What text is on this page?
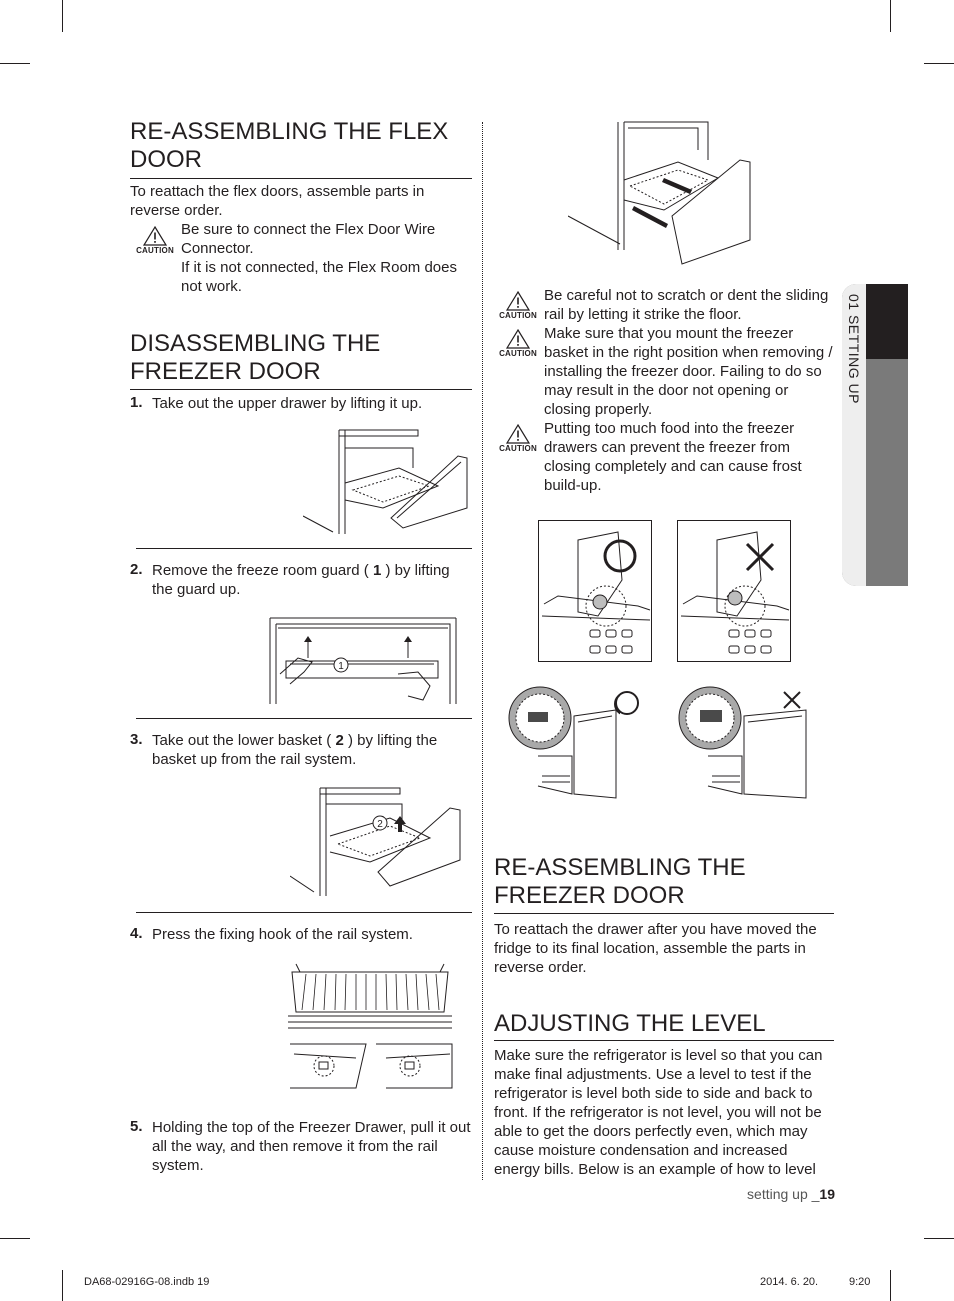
01 SETTING UP
RE-ASSEMBLING THE FLEX DOOR

To reattach the flex doors, assemble parts in reverse order.

CAUTION

Be sure to connect the Flex Door Wire

Connector.

If it is not connected, the Flex Room does

not work.

DISASSEMBLING THE FREEZER DOOR
1. Take out the upper drawer by lifting it up.

2. Remove the freeze room guard ( 1 ) by lifting the guard up.

1
3. Take out the lower basket ( 2 ) by lifting the basket up from the rail system.

2
4. Press the fixing hook of the rail system.

5. Holding the top of the Freezer Drawer, pull it out all the way, and then remove it from the rail system.

CAUTION

Be careful not to scratch or dent the sliding rail by letting it strike the floor.

CAUTION

Make sure that you mount the freezer basket in the right position when removing / installing the freezer door. Failing to do so may result in the door not opening or closing properly.

CAUTION

Putting too much food into the freezer drawers can prevent the freezer from closing completely and can cause frost build-up.

RE-ASSEMBLING THE FREEZER DOOR

To reattach the drawer after you have moved the fridge to its final location, assemble the parts in reverse order.

ADJUSTING THE LEVEL

Make sure the refrigerator is level so that you can make final adjustments. Use a level to test if the refrigerator is level both side to side and back to front. If the refrigerator is not level, you will not be able to get the doors perfectly even, which may cause moisture condensation and increased energy bills. Below is an example of how to level

setting up _19
DA68-02916G-08.indb 19	2014. 6. 20.	9:20
